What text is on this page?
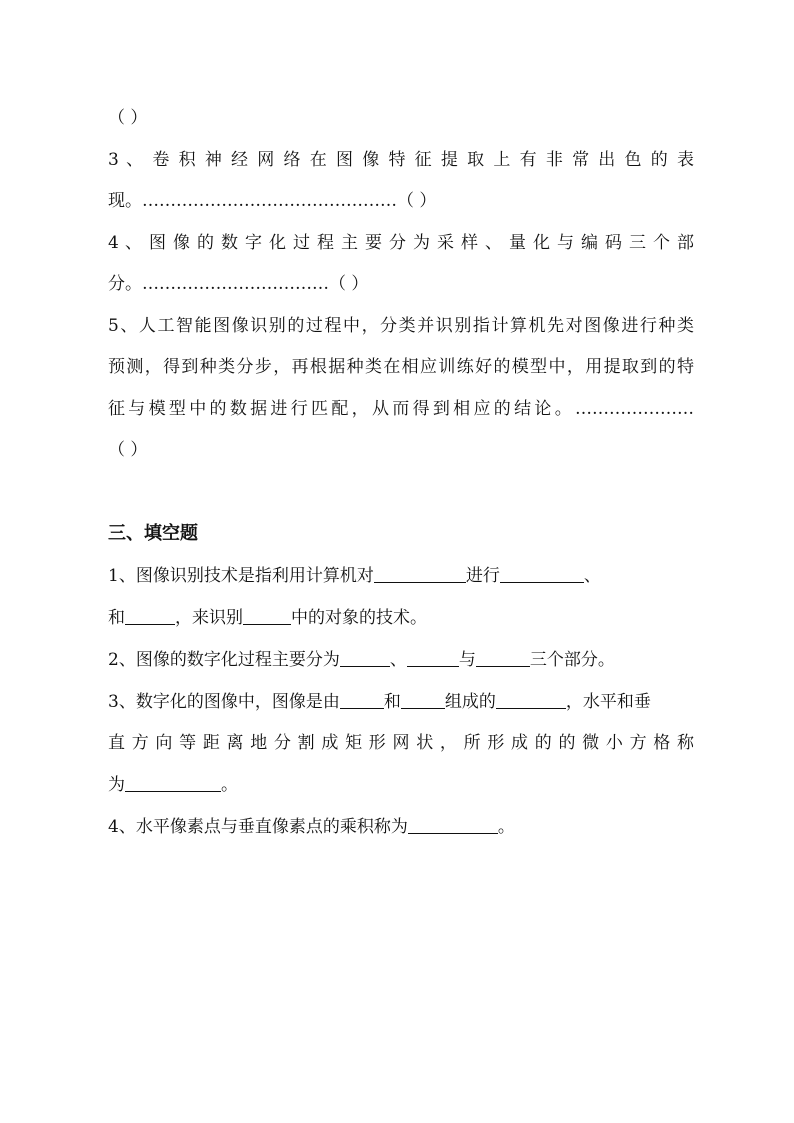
（ ）
3 、 卷 积 神 经 网 络 在 图 像 特 征 提 取 上 有 非 常 出 色 的 表
现。………………………………………（ ）
4 、 图 像 的 数 字 化 过 程 主 要 分 为 采 样 、 量 化 与 编 码 三 个 部
分。……………………………（ ）
5、人工智能图像识别的过程中，分类并识别指计算机先对图像进行种类
预测，得到种类分步，再根据种类在相应训练好的模型中，用提取到的特
征与模型中的数据进行匹配，从而得到相应的结论。…………………
（ ）
三、填空题
1、图像识别技术是指利用计算机对	进行	、
和	，来识别	中的对象的技术。
2、图像的数字化过程主要分为	、	与	三个部分。
3、数字化的图像中，图像是由	和	组成的	，水平和垂
直方向等距离地分割成矩形网状，所形成的的微小方格称
为	。
4、水平像素点与垂直像素点的乘积称为	。
